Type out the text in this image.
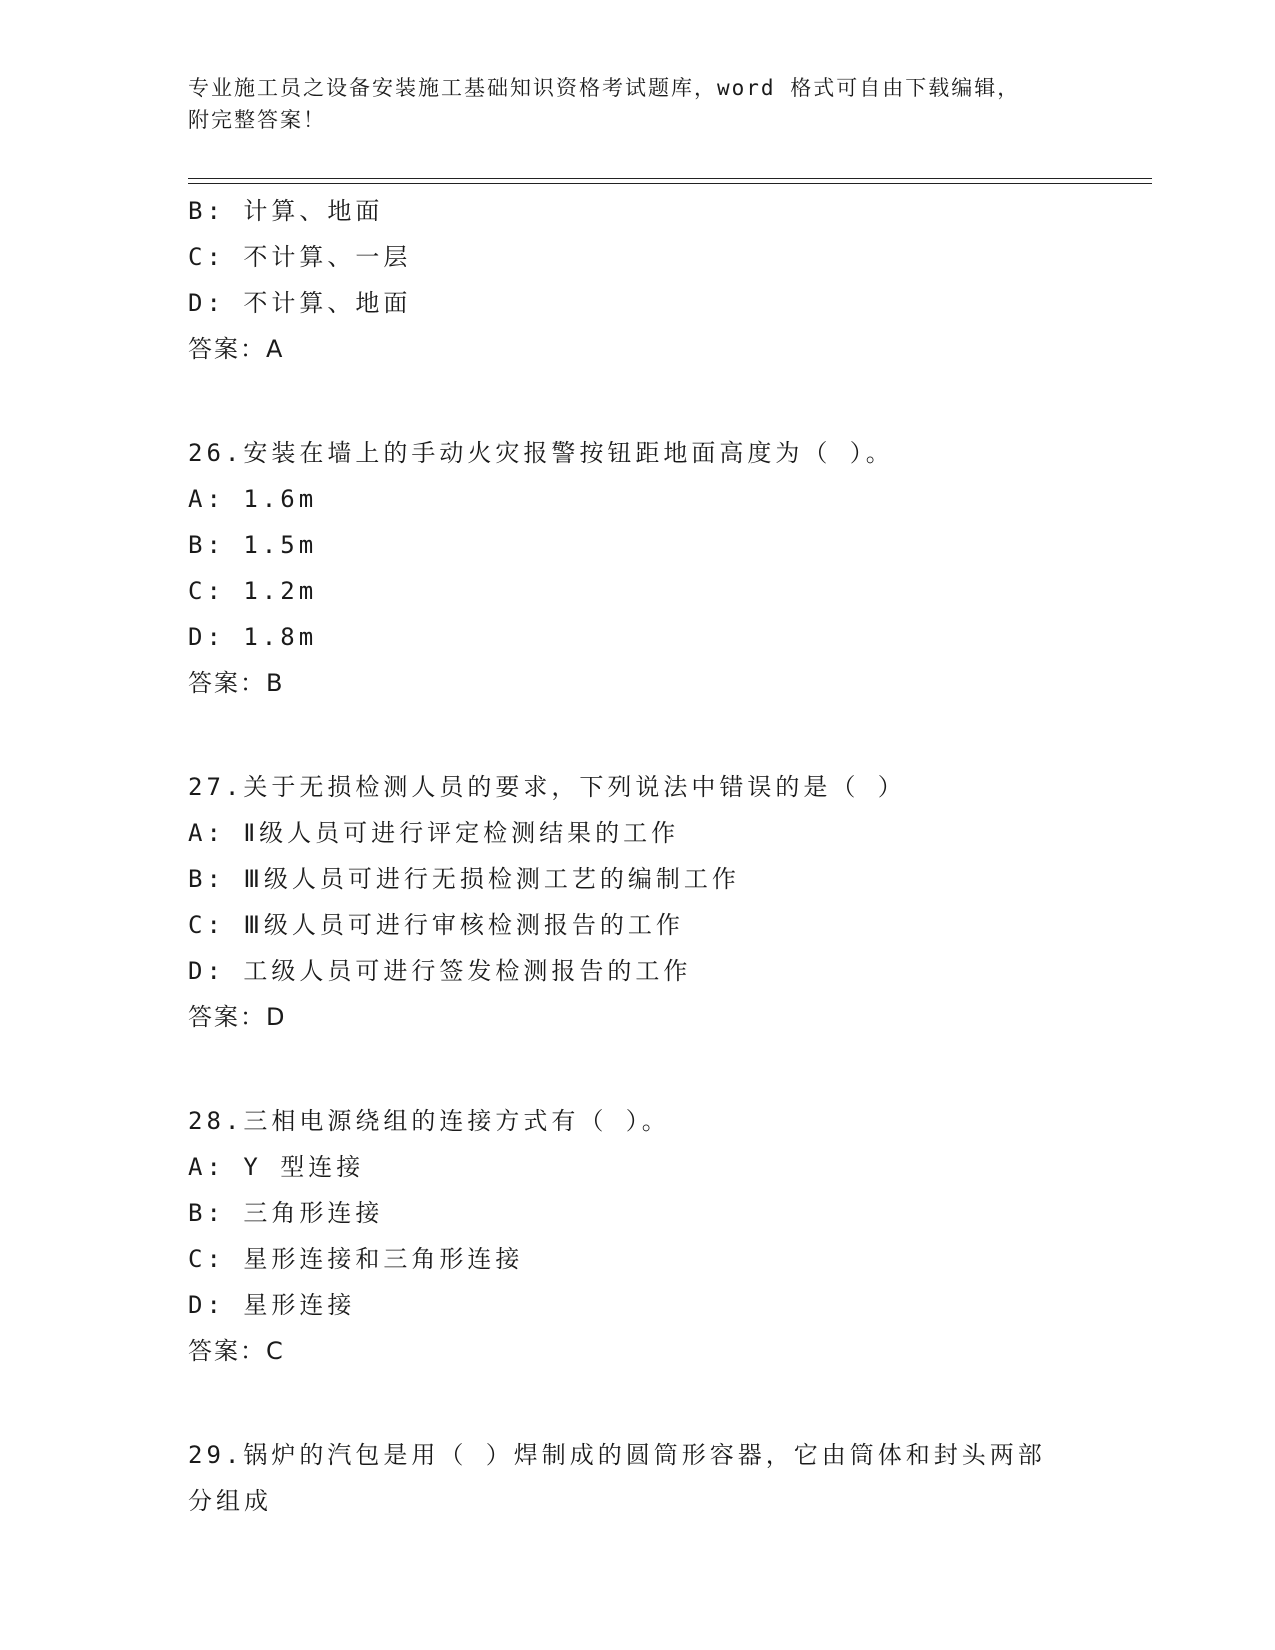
专业施工员之设备安装施工基础知识资格考试题库，word 格式可自由下载编辑，
附完整答案！
B: 计算、地面
C: 不计算、一层
D: 不计算、地面
答案：A
26.安装在墙上的手动火灾报警按钮距地面高度为（ ）。
A: 1.6m
B: 1.5m
C: 1.2m
D: 1.8m
答案：B
27.关于无损检测人员的要求，下列说法中错误的是（ ）
A: Ⅱ级人员可进行评定检测结果的工作
B: Ⅲ级人员可进行无损检测工艺的编制工作
C: Ⅲ级人员可进行审核检测报告的工作
D: 工级人员可进行签发检测报告的工作
答案：D
28.三相电源绕组的连接方式有（ ）。
A: Y 型连接
B: 三角形连接
C: 星形连接和三角形连接
D: 星形连接
答案：C
29.锅炉的汽包是用（ ）焊制成的圆筒形容器，它由筒体和封头两部
分组成
